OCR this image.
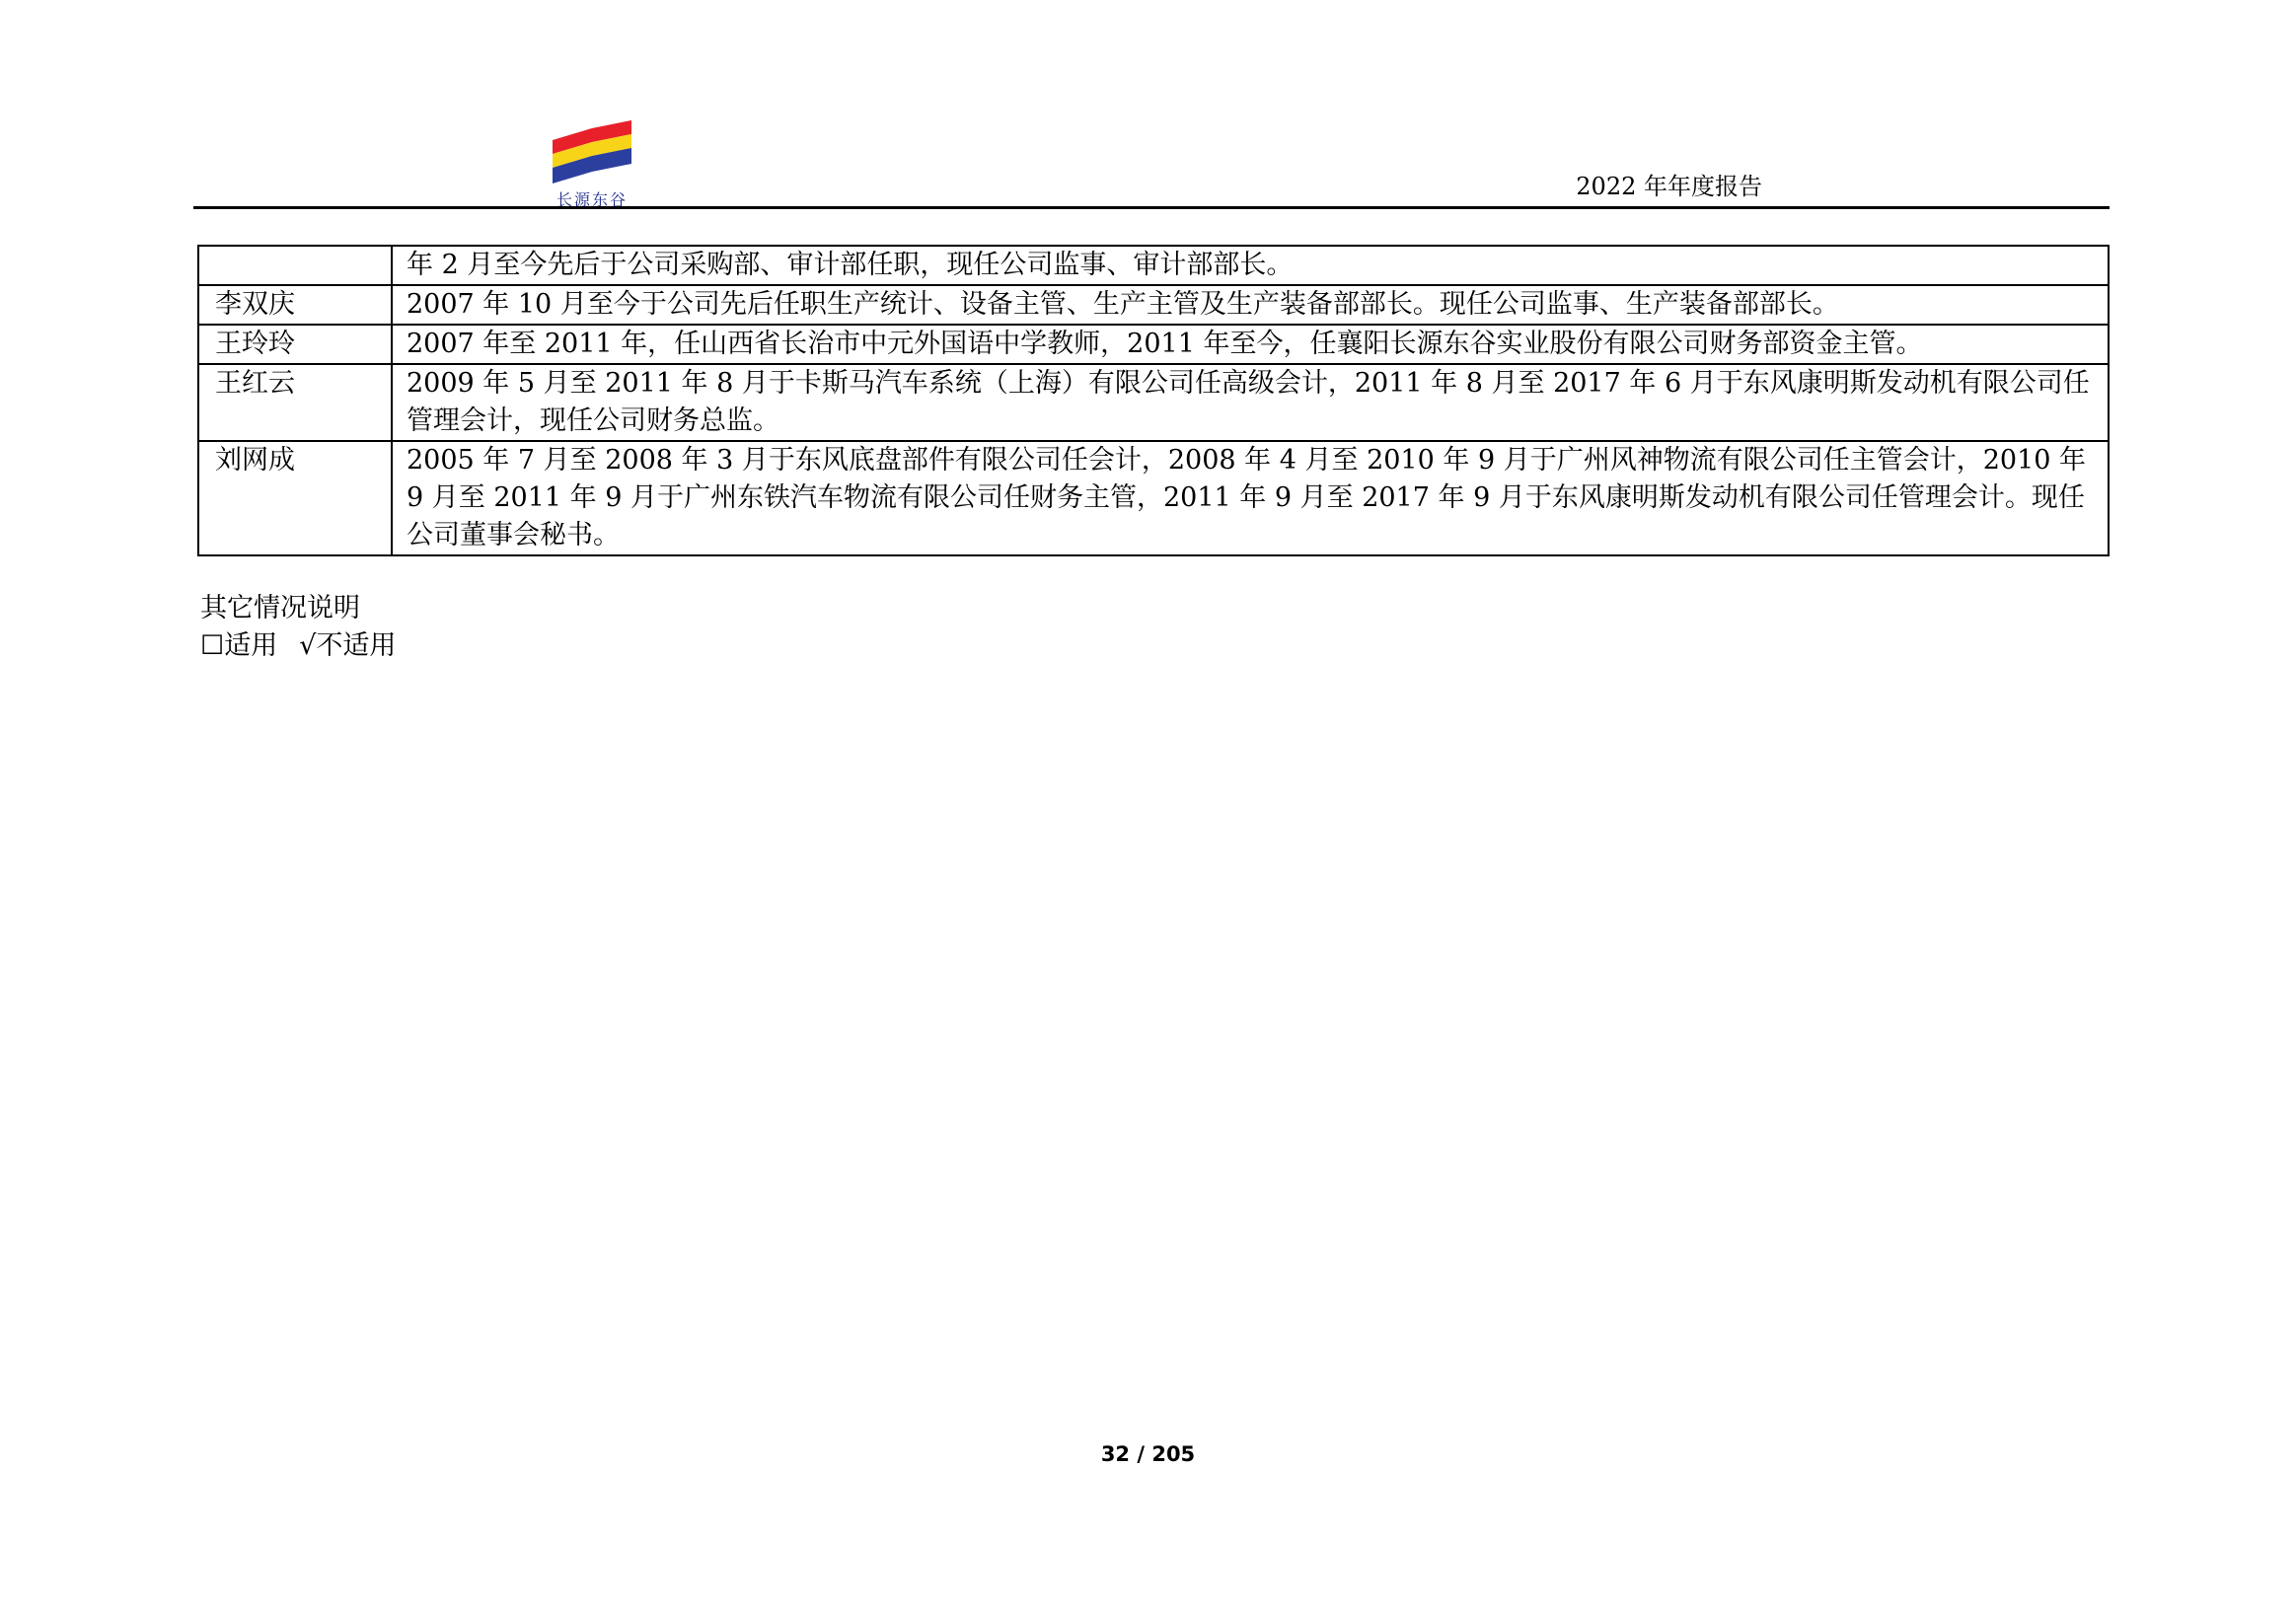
长源东谷	2022 年年度报告
	年 2 月至今先后于公司采购部、审计部任职，现任公司监事、审计部部长。
李双庆	2007 年 10 月至今于公司先后任职生产统计、设备主管、生产主管及生产装备部部长。现任公司监事、生产装备部部长。
王玲玲	2007 年至 2011 年，任山西省长治市中元外国语中学教师，2011 年至今，任襄阳长源东谷实业股份有限公司财务部资金主管。
王红云	2009 年 5 月至 2011 年 8 月于卡斯马汽车系统（上海）有限公司任高级会计，2011 年 8 月至 2017 年 6 月于东风康明斯发动机有限公司任管理会计，现任公司财务总监。
刘网成	2005 年 7 月至 2008 年 3 月于东风底盘部件有限公司任会计，2008 年 4 月至 2010 年 9 月于广州风神物流有限公司任主管会计，2010 年 9 月至 2011 年 9 月于广州东铁汽车物流有限公司任财务主管，2011 年 9 月至 2017 年 9 月于东风康明斯发动机有限公司任管理会计。现任公司董事会秘书。
其它情况说明
☐适用 √不适用
32 / 205
